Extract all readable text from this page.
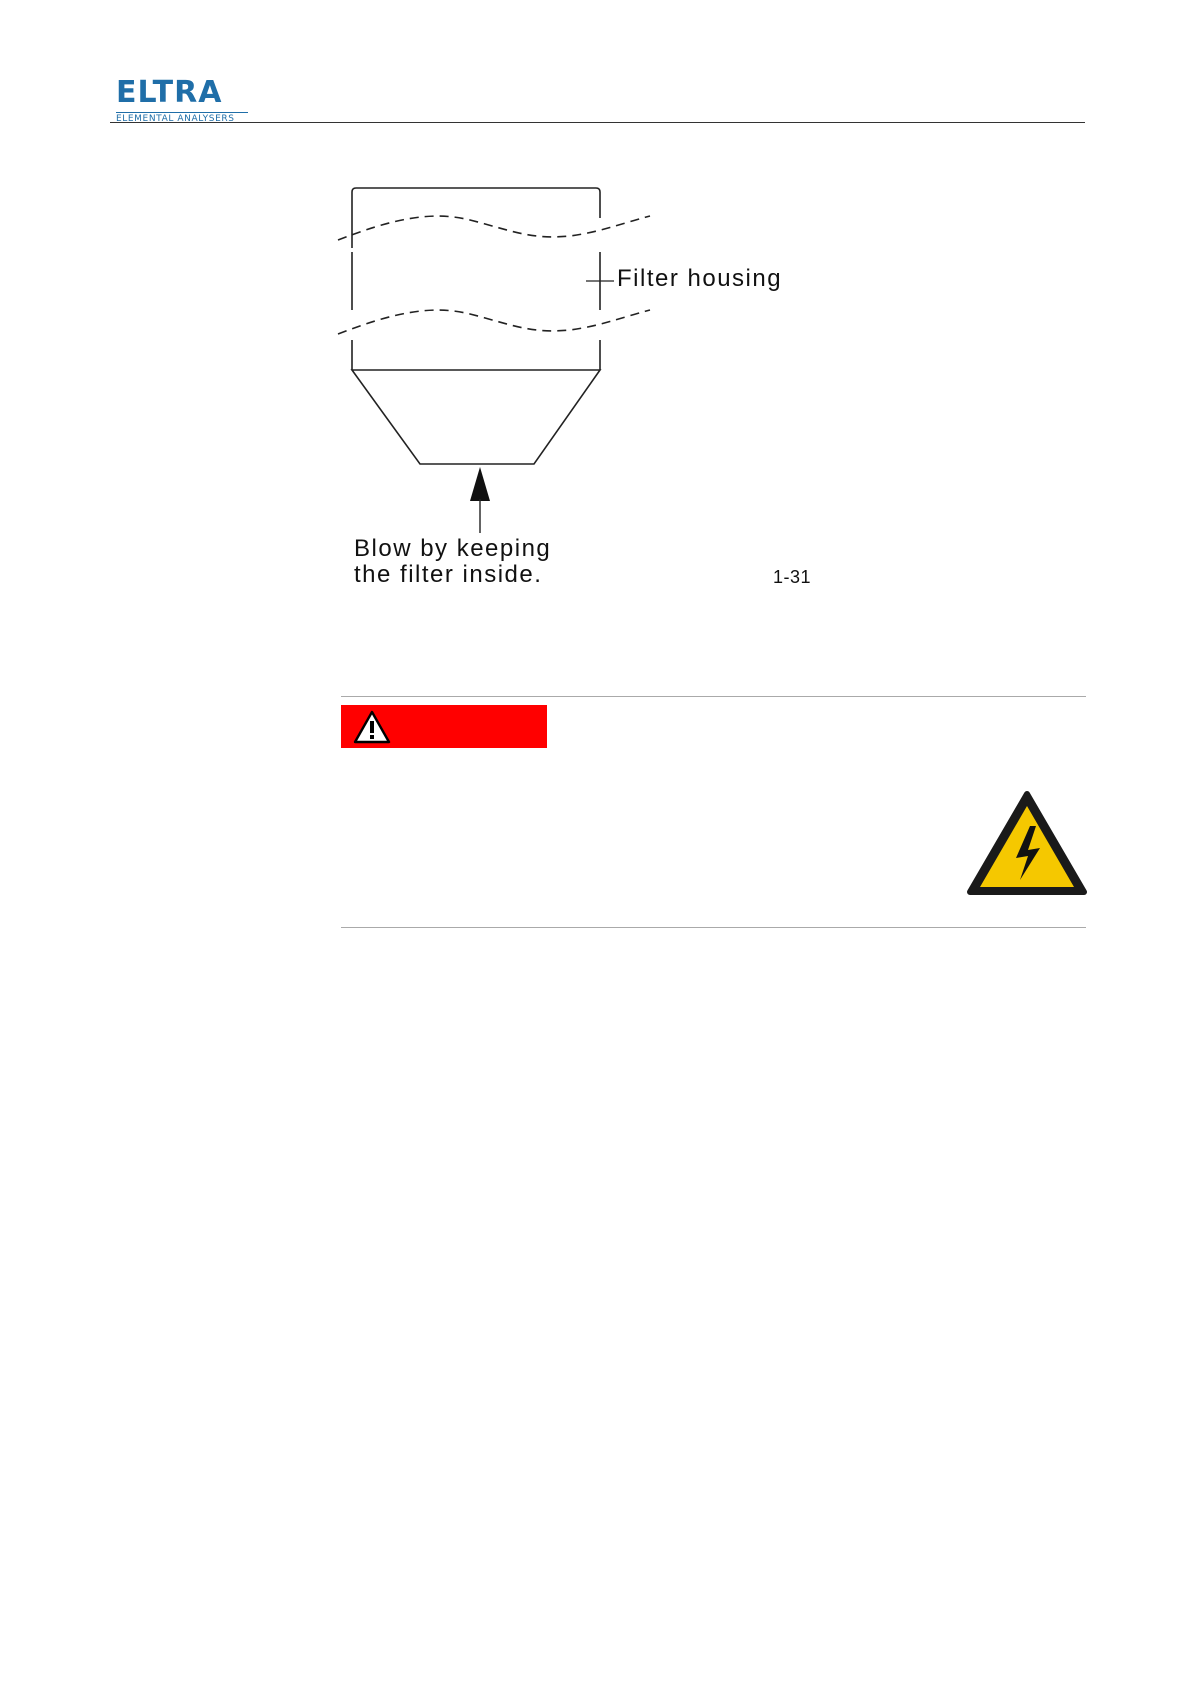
ELTRA
ELEMENTAL ANALYSERS
Filter housing
Blow by keeping
the filter inside.	1-31
